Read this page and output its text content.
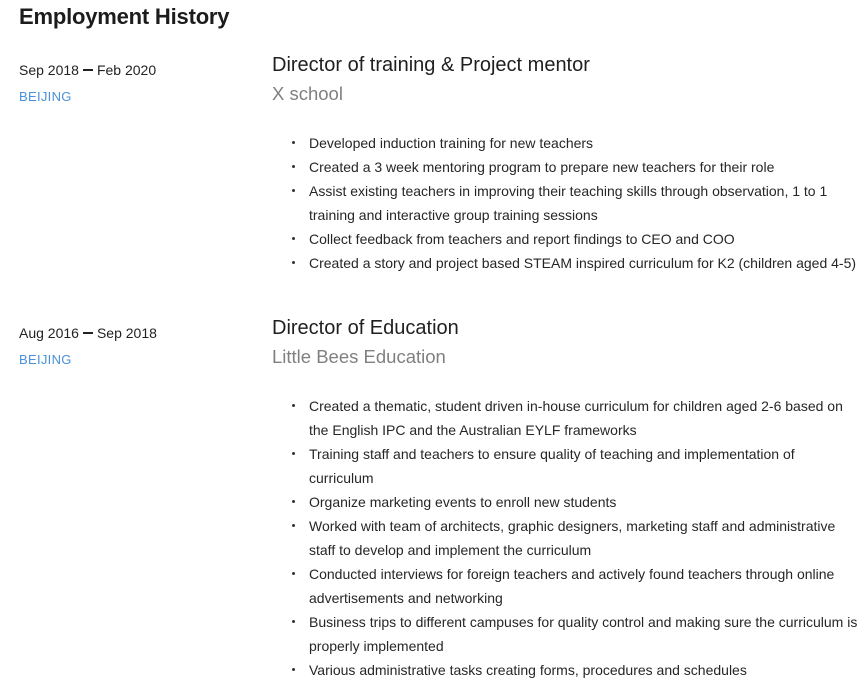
Employment History
Sep 2018 Feb 2020
BEIJING
Director of training & Project mentor
X school
Developed induction training for new teachers
Created a 3 week mentoring program to prepare new teachers for their role
Assist existing teachers in improving their teaching skills through observation, 1 to 1 training and interactive group training sessions
Collect feedback from teachers and report findings to CEO and COO
Created a story and project based STEAM inspired curriculum for K2 (children aged 4-5)
Aug 2016 Sep 2018
BEIJING
Director of Education
Little Bees Education
Created a thematic, student driven in-house curriculum for children aged 2-6 based on the English IPC and the Australian EYLF frameworks
Training staff and teachers to ensure quality of teaching and implementation of curriculum
Organize marketing events to enroll new students
Worked with team of architects, graphic designers, marketing staff and administrative staff to develop and implement the curriculum
Conducted interviews for foreign teachers and actively found teachers through online advertisements and networking
Business trips to different campuses for quality control and making sure the curriculum is properly implemented
Various administrative tasks creating forms, procedures and schedules
